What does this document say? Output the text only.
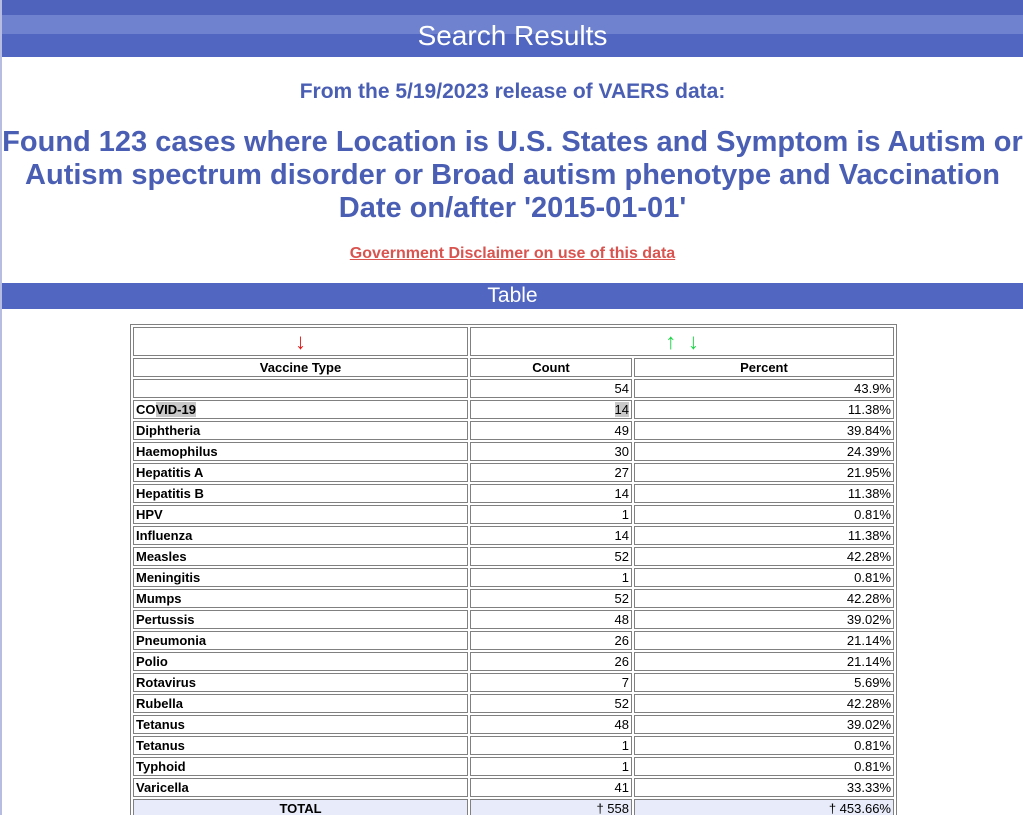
Search Results
From the 5/19/2023 release of VAERS data:
Found 123 cases where Location is U.S. States and Symptom is Autism or
Autism spectrum disorder or Broad autism phenotype and Vaccination
Date on/after '2015-01-01'
Government Disclaimer on use of this data
Table
↓	↑ ↓	
Vaccine Type	Count	Percent
	54	43.9%
COVID-19	14	11.38%
Diphtheria	49	39.84%
Haemophilus	30	24.39%
Hepatitis A	27	21.95%
Hepatitis B	14	11.38%
HPV	1	0.81%
Influenza	14	11.38%
Measles	52	42.28%
Meningitis	1	0.81%
Mumps	52	42.28%
Pertussis	48	39.02%
Pneumonia	26	21.14%
Polio	26	21.14%
Rotavirus	7	5.69%
Rubella	52	42.28%
Tetanus	48	39.02%
Tetanus	1	0.81%
Typhoid	1	0.81%
Varicella	41	33.33%
TOTAL	† 558	† 453.66%
